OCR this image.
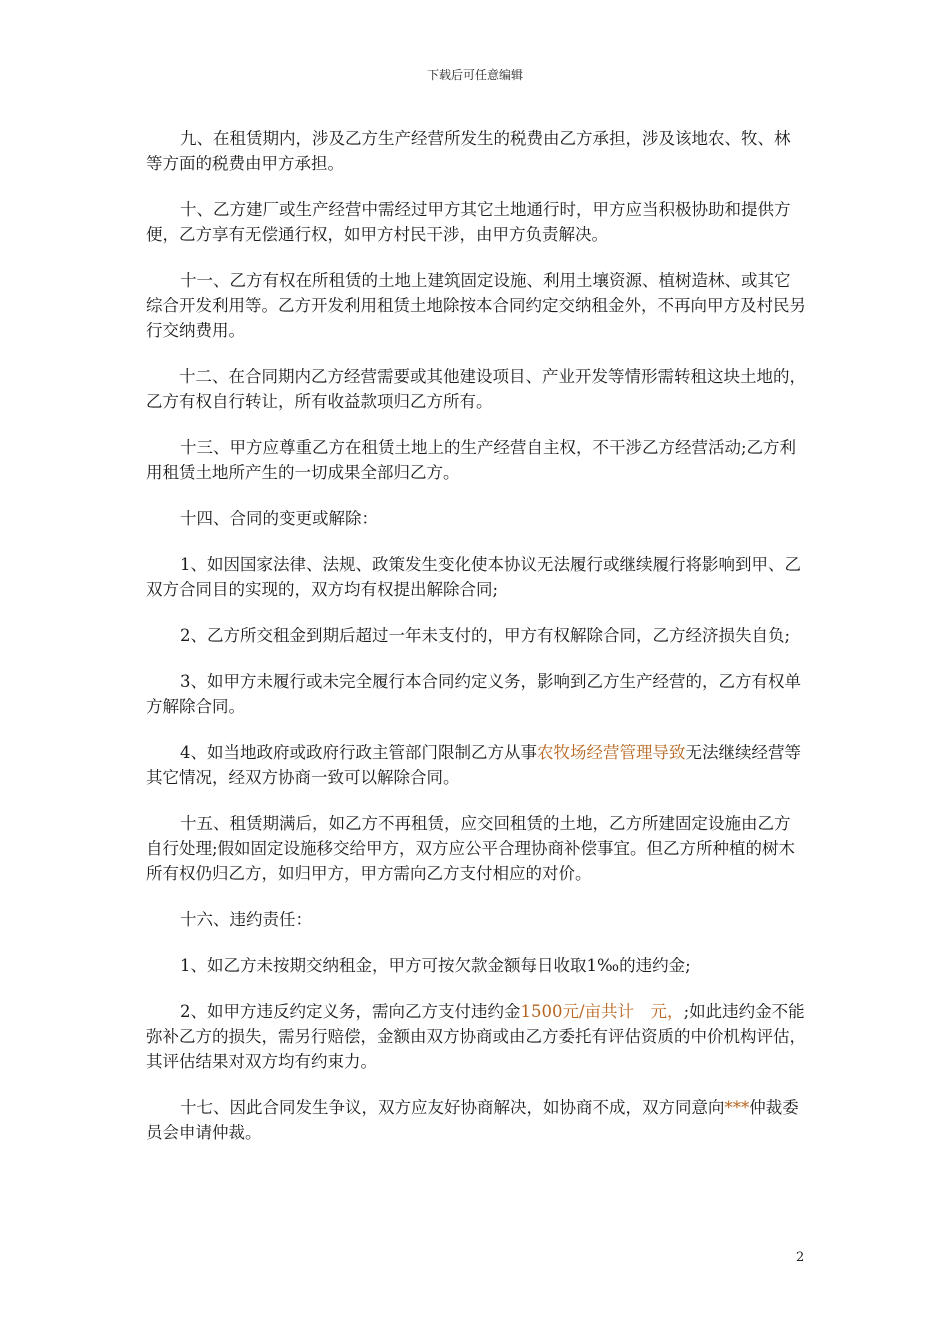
下载后可任意编辑

九、在租赁期内，涉及乙方生产经营所发生的税费由乙方承担，涉及该地农、牧、林等方面的税费由甲方承担。

十、乙方建厂或生产经营中需经过甲方其它土地通行时，甲方应当积极协助和提供方便，乙方享有无偿通行权，如甲方村民干涉，由甲方负责解决。

十一、乙方有权在所租赁的土地上建筑固定设施、利用土壤资源、植树造林、或其它综合开发利用等。乙方开发利用租赁土地除按本合同约定交纳租金外，不再向甲方及村民另行交纳费用。

十二、在合同期内乙方经营需要或其他建设项目、产业开发等情形需转租这块土地的，乙方有权自行转让，所有收益款项归乙方所有。

十三、甲方应尊重乙方在租赁土地上的生产经营自主权，不干涉乙方经营活动;乙方利用租赁土地所产生的一切成果全部归乙方。

十四、合同的变更或解除：

1、如因国家法律、法规、政策发生变化使本协议无法履行或继续履行将影响到甲、乙双方合同目的实现的，双方均有权提出解除合同;

2、乙方所交租金到期后超过一年未支付的，甲方有权解除合同，乙方经济损失自负;

3、如甲方未履行或未完全履行本合同约定义务，影响到乙方生产经营的，乙方有权单方解除合同。

4、如当地政府或政府行政主管部门限制乙方从事农牧场经营管理导致无法继续经营等其它情况，经双方协商一致可以解除合同。

十五、租赁期满后，如乙方不再租赁，应交回租赁的土地，乙方所建固定设施由乙方自行处理;假如固定设施移交给甲方，双方应公平合理协商补偿事宜。但乙方所种植的树木所有权仍归乙方，如归甲方，甲方需向乙方支付相应的对价。

十六、违约责任：

1、如乙方未按期交纳租金，甲方可按欠款金额每日收取1‰的违约金;

2、如甲方违反约定义务，需向乙方支付违约金1500元/亩共计　元，;如此违约金不能弥补乙方的损失，需另行赔偿，金额由双方协商或由乙方委托有评估资质的中价机构评估，其评估结果对双方均有约束力。

十七、因此合同发生争议，双方应友好协商解决，如协商不成，双方同意向***仲裁委员会申请仲裁。

2
